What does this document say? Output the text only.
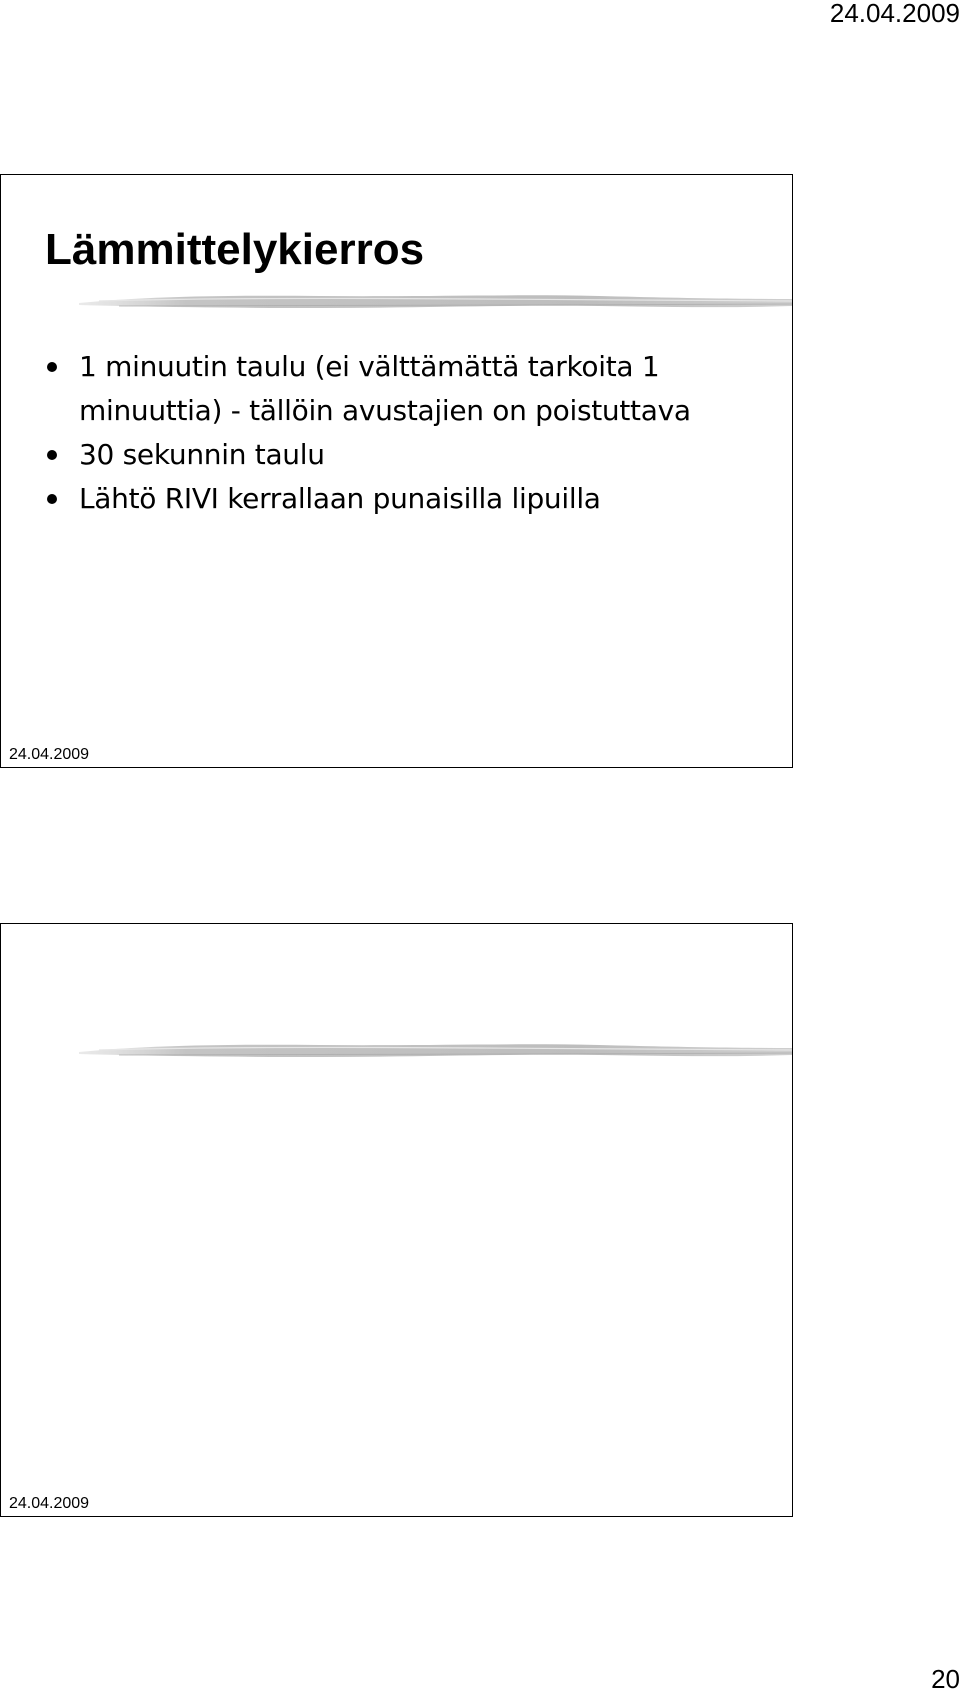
24.04.2009
Lämmittelykierros
1 minuutin taulu (ei välttämättä tarkoita 1 minuuttia) - tällöin avustajien on poistuttava
30 sekunnin taulu
Lähtö RIVI kerrallaan punaisilla lipuilla
24.04.2009
24.04.2009
20
